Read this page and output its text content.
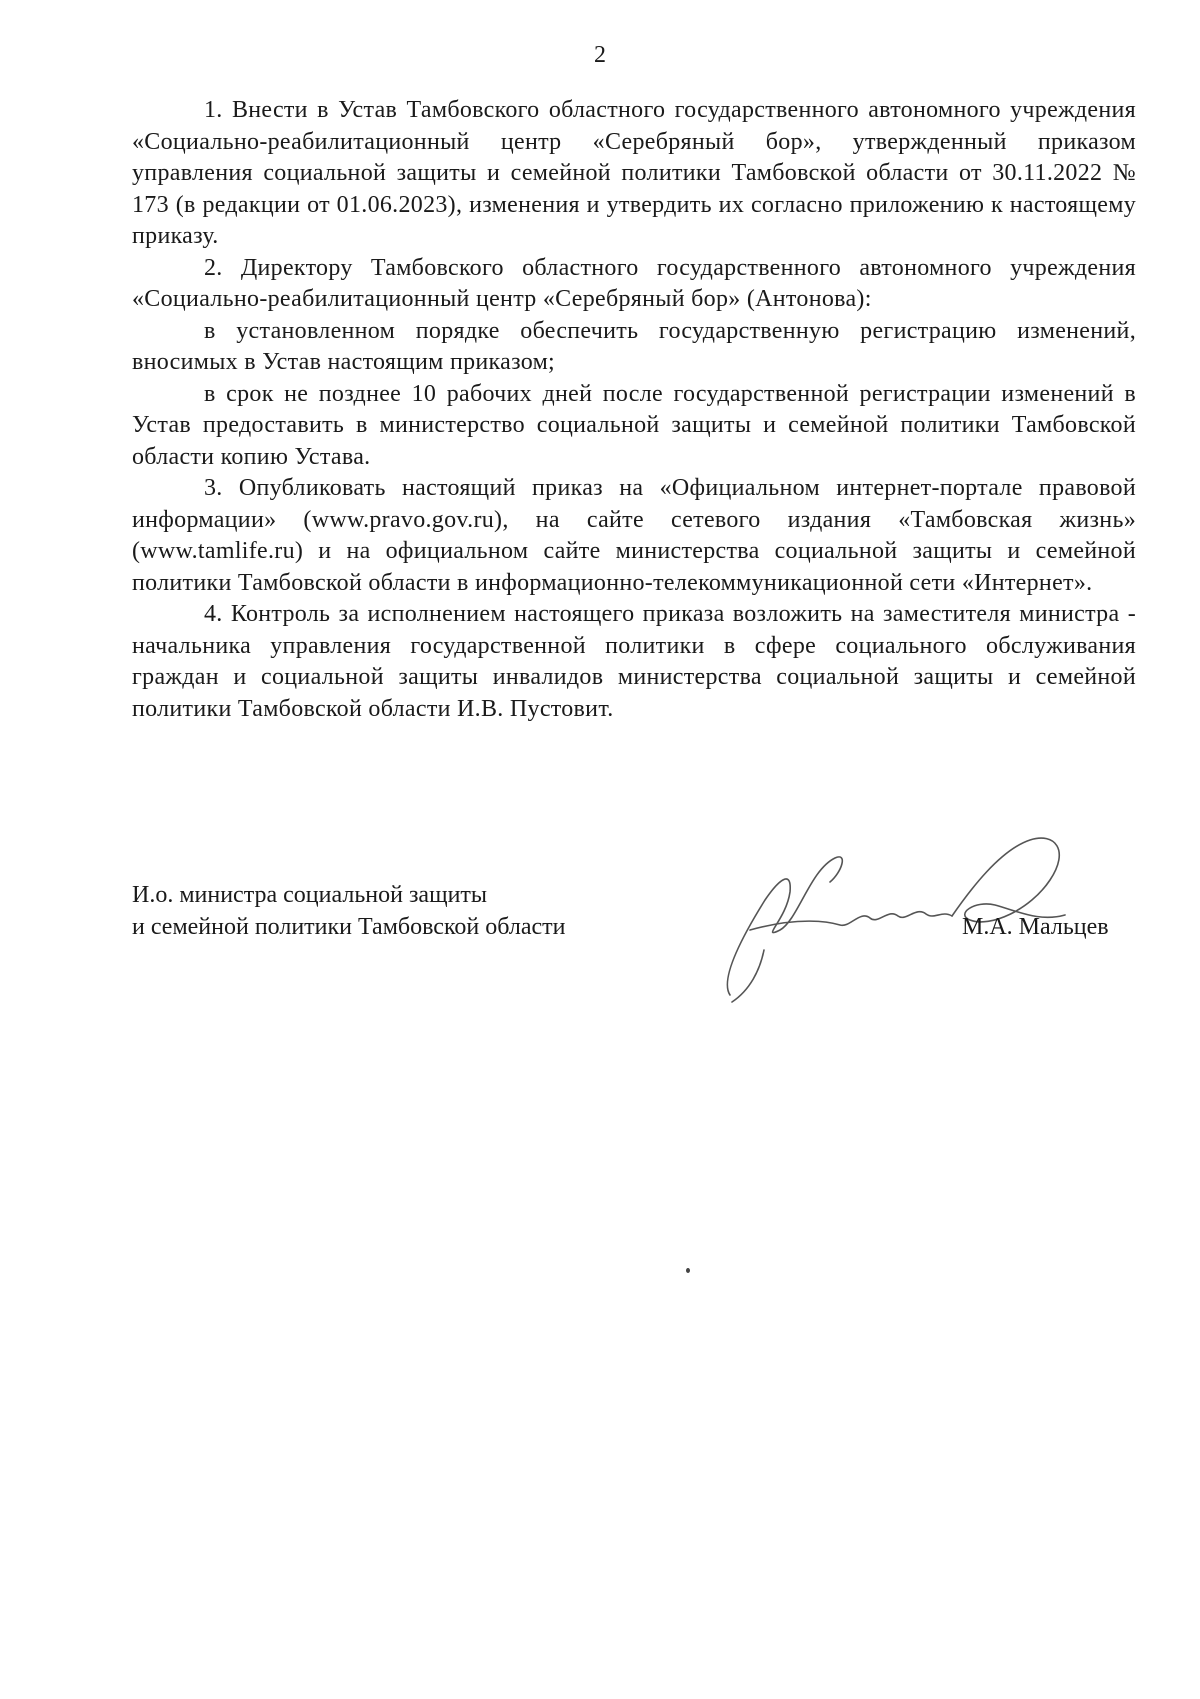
2

1. Внести в Устав Тамбовского областного государственного автономного учреждения «Социально-реабилитационный центр «Серебряный бор», утвержденный приказом управления социальной защиты и семейной политики Тамбовской области от 30.11.2022 № 173 (в редакции от 01.06.2023), изменения и утвердить их согласно приложению к настоящему приказу.

2. Директору Тамбовского областного государственного автономного учреждения «Социально-реабилитационный центр «Серебряный бор» (Антонова):

в установленном порядке обеспечить государственную регистрацию изменений, вносимых в Устав настоящим приказом;

в срок не позднее 10 рабочих дней после государственной регистрации изменений в Устав предоставить в министерство социальной защиты и семейной политики Тамбовской области копию Устава.

3. Опубликовать настоящий приказ на «Официальном интернет-портале правовой информации» (www.pravo.gov.ru), на сайте сетевого издания «Тамбовская жизнь» (www.tamlife.ru) и на официальном сайте министерства социальной защиты и семейной политики Тамбовской области в информационно-телекоммуникационной сети «Интернет».

4. Контроль за исполнением настоящего приказа возложить на заместителя министра - начальника управления государственной политики в сфере социального обслуживания граждан и социальной защиты инвалидов министерства социальной защиты и семейной политики Тамбовской области И.В. Пустовит.

И.о. министра социальной защиты
и семейной политики Тамбовской области	М.А. Мальцев
